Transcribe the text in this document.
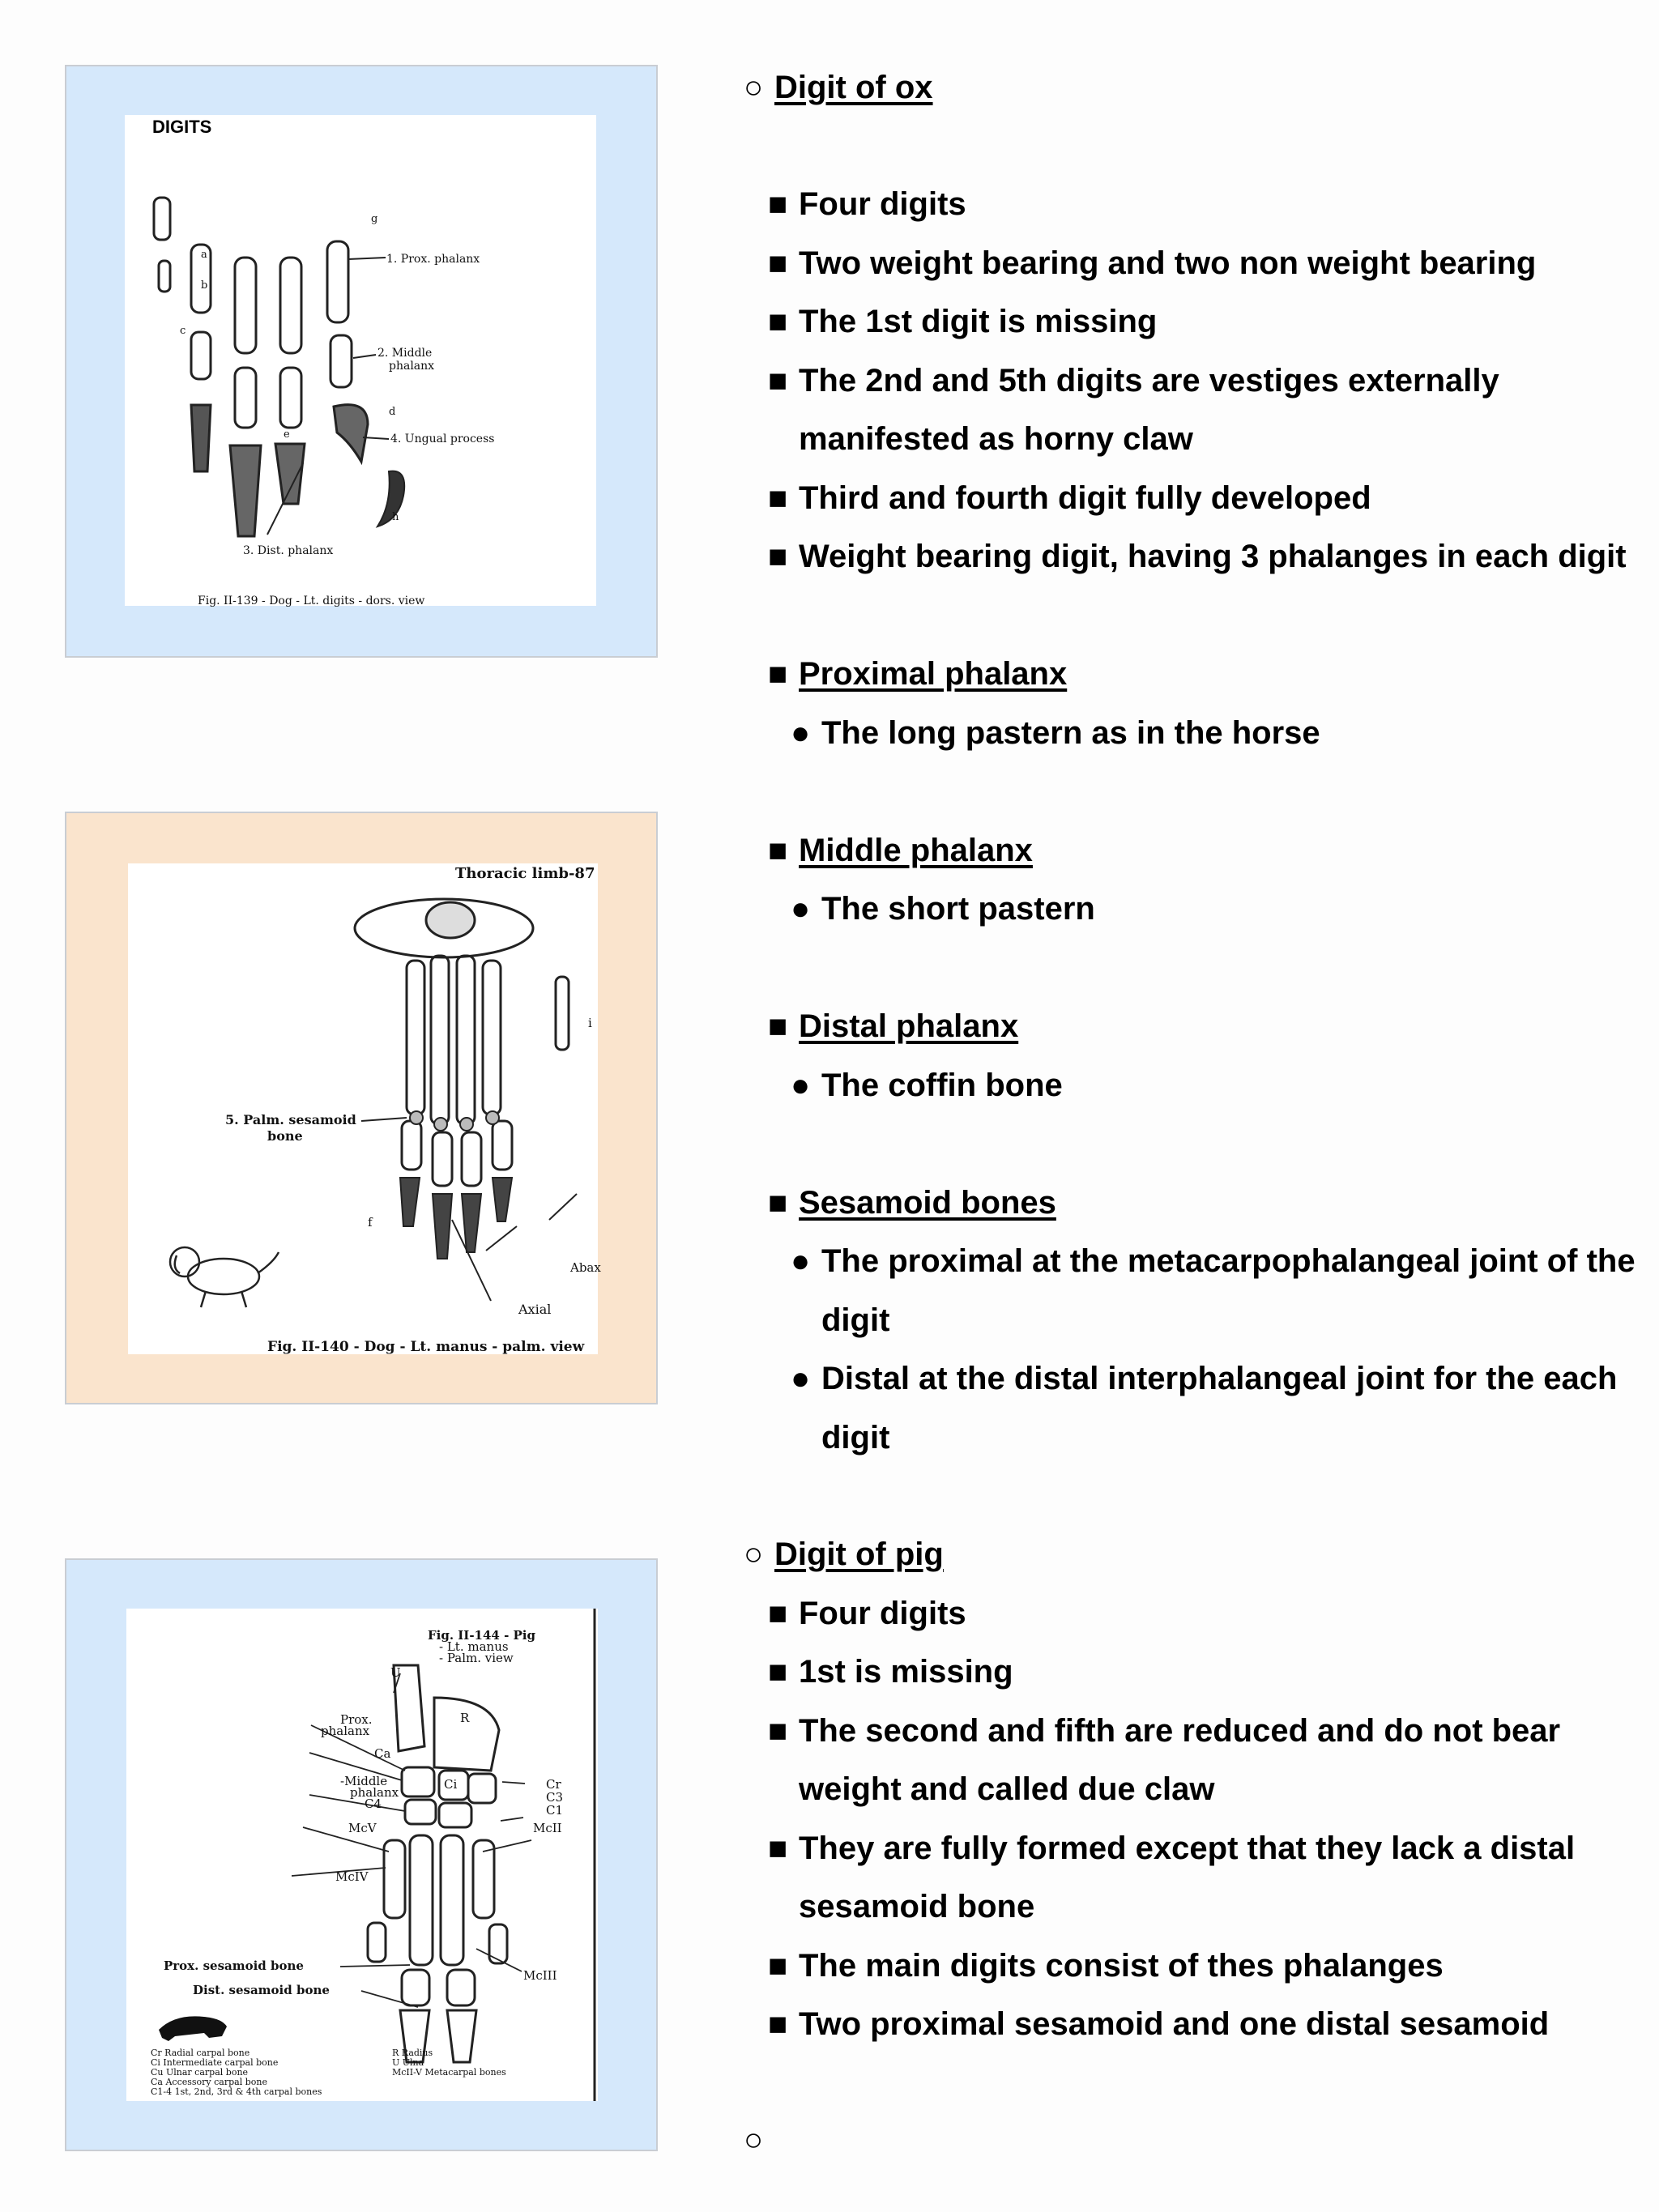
DIGITS
1. Prox. phalanx
2. Middle
phalanx
4. Ungual process
3. Dist. phalanx
a
b
c
d
e
g
h
Fig. II-139 - Dog - Lt. digits - dors. view
Thoracic limb-87
5. Palm. sesamoid
bone
Abax
Axial
f
i
Fig. II-140 - Dog - Lt. manus - palm. view
Fig. II-144 - Pig
- Lt. manus
- Palm. view
U
R
Prox.
phalanx
Ca
-Middle
phalanx
C4
McV
McIV
Ci	Cr
C3
C1
McII
McIII
Prox. sesamoid bone
Dist. sesamoid bone
Cr Radial carpal bone
Ci Intermediate carpal bone
Cu Ulnar carpal bone
Ca Accessory carpal bone
C1-4 1st, 2nd, 3rd & 4th carpal bones
R Radius
U Ulna
McII-V Metacarpal bones
○ Digit of ox
■ Four digits
■ Two weight bearing and two non weight bearing
■ The 1st digit is missing
■ The 2nd and 5th digits are vestiges externally
manifested as horny claw
■ Third and fourth digit fully developed
■ Weight bearing digit, having 3 phalanges in each digit
■ Proximal phalanx
● The long pastern as in the horse
■ Middle phalanx
● The short pastern
■ Distal phalanx
● The coffin bone
■ Sesamoid bones
● The proximal at the metacarpophalangeal joint of the
digit
● Distal at the distal interphalangeal joint for the each
digit
○ Digit of pig
■ Four digits
■ 1st is missing
■ The second and fifth are reduced and do not bear
weight and called due claw
■ They are fully formed except that they lack a distal
sesamoid bone
■ The main digits consist of thes phalanges
■ Two proximal sesamoid and one distal sesamoid
○
